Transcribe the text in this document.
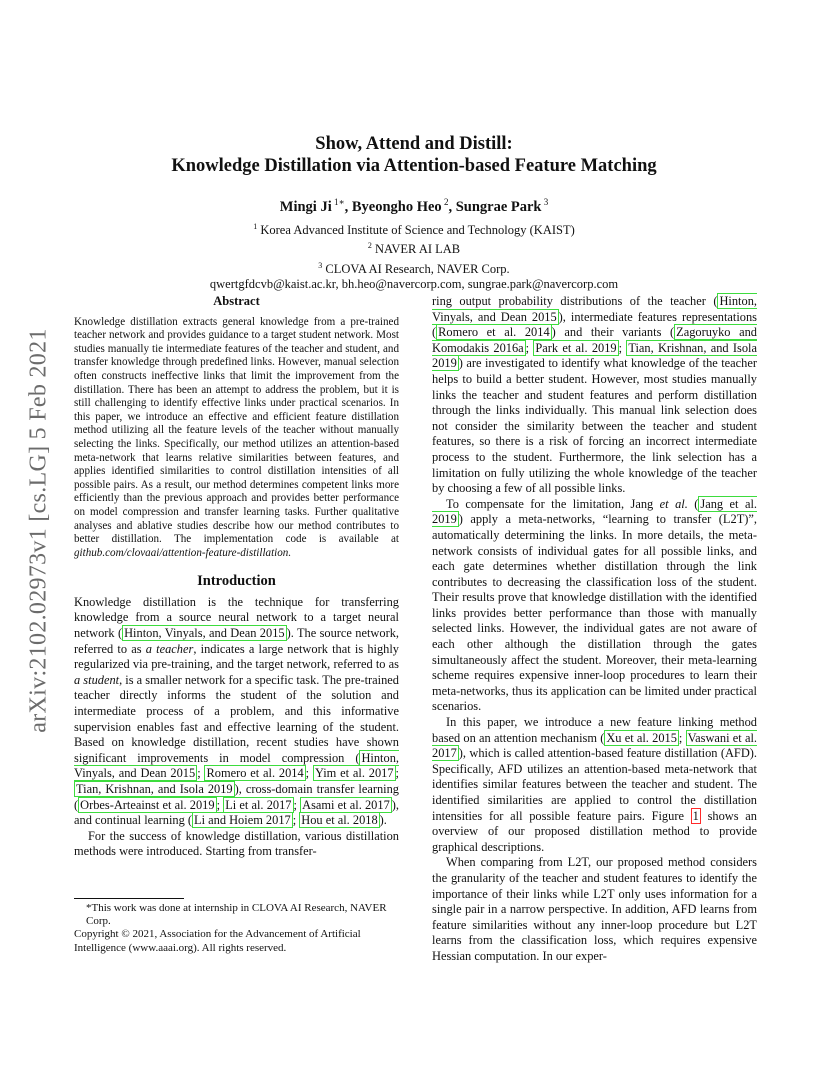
arXiv:2102.02973v1 [cs.LG] 5 Feb 2021
Show, Attend and Distill:
Knowledge Distillation via Attention-based Feature Matching
Mingi Ji $^{1∗}$, Byeongho Heo $^2$, Sungrae Park $^3$
$^1$ Korea Advanced Institute of Science and Technology (KAIST)
$^2$ NAVER AI LAB
$^3$ CLOVA AI Research, NAVER Corp.
qwertgfdcvb@kaist.ac.kr, bh.heo@navercorp.com, sungrae.park@navercorp.com
Abstract

Knowledge distillation extracts general knowledge from a pre-trained teacher network and provides guidance to a target student network. Most studies manually tie intermediate features of the teacher and student, and transfer knowledge through predefined links. However, manual selection often constructs ineffective links that limit the improvement from the distillation. There has been an attempt to address the problem, but it is still challenging to identify effective links under practical scenarios. In this paper, we introduce an effective and efficient feature distillation method utilizing all the feature levels of the teacher without manually selecting the links. Specifically, our method utilizes an attention-based meta-network that learns relative similarities between features, and applies identified similarities to control distillation intensities of all possible pairs. As a result, our method determines competent links more efficiently than the previous approach and provides better performance on model compression and transfer learning tasks. Further qualitative analyses and ablative studies describe how our method contributes to better distillation. The implementation code is available at github.com/clovaai/attention-feature-distillation.

Introduction

Knowledge distillation is the technique for transferring knowledge from a source neural network to a target neural network ( Hinton, Vinyals, and Dean 2015 ). The source network, referred to as a teacher, indicates a large network that is highly regularized via pre-training, and the target network, referred to as a student, is a smaller network for a specific task. The pre-trained teacher directly informs the student of the solution and intermediate process of a problem, and this informative supervision enables fast and effective learning of the student. Based on knowledge distillation, recent studies have shown significant improvements in model compression ( Hinton, Vinyals, and Dean 2015 ; Romero et al. 2014 ; Yim et al. 2017 ; Tian, Krishnan, and Isola 2019 ), cross-domain transfer learning ( Orbes-Arteainst et al. 2019 ; Li et al. 2017 ; Asami et al. 2017 ), and continual learning ( Li and Hoiem 2017 ; Hou et al. 2018 ).

For the success of knowledge distillation, various distillation methods were introduced. Starting from transfer-

*This work was done at internship in CLOVA AI Research, NAVER Corp.

Copyright © 2021, Association for the Advancement of Artificial Intelligence (www.aaai.org). All rights reserved.

ring output probability distributions of the teacher ( Hinton, Vinyals, and Dean 2015 ), intermediate features representations ( Romero et al. 2014 ) and their variants ( Zagoruyko and Komodakis 2016a ; Park et al. 2019 ; Tian, Krishnan, and Isola 2019 ) are investigated to identify what knowledge of the teacher helps to build a better student. However, most studies manually links the teacher and student features and perform distillation through the links individually. This manual link selection does not consider the similarity between the teacher and student features, so there is a risk of forcing an incorrect intermediate process to the student. Furthermore, the link selection has a limitation on fully utilizing the whole knowledge of the teacher by choosing a few of all possible links.

To compensate for the limitation, Jang et al. ( Jang et al. 2019 ) apply a meta-networks, “learning to transfer (L2T)”, automatically determining the links. In more details, the meta-network consists of individual gates for all possible links, and each gate determines whether distillation through the link contributes to decreasing the classification loss of the student. Their results prove that knowledge distillation with the identified links provides better performance than those with manually selected links. However, the individual gates are not aware of each other although the distillation through the gates simultaneously affect the student. Moreover, their meta-learning scheme requires expensive inner-loop procedures to learn their meta-networks, thus its application can be limited under practical scenarios.

In this paper, we introduce a new feature linking method based on an attention mechanism ( Xu et al. 2015 ; Vaswani et al. 2017 ), which is called attention-based feature distillation (AFD). Specifically, AFD utilizes an attention-based meta-network that identifies similar features between the teacher and student. The identified similarities are applied to control the distillation intensities for all possible feature pairs. Figure 1 shows an overview of our proposed distillation method to provide graphical descriptions.

When comparing from L2T, our proposed method considers the granularity of the teacher and student features to identify the importance of their links while L2T only uses information for a single pair in a narrow perspective. In addition, AFD learns from feature similarities without any inner-loop procedure but L2T learns from the classification loss, which requires expensive Hessian computation. In our exper-
